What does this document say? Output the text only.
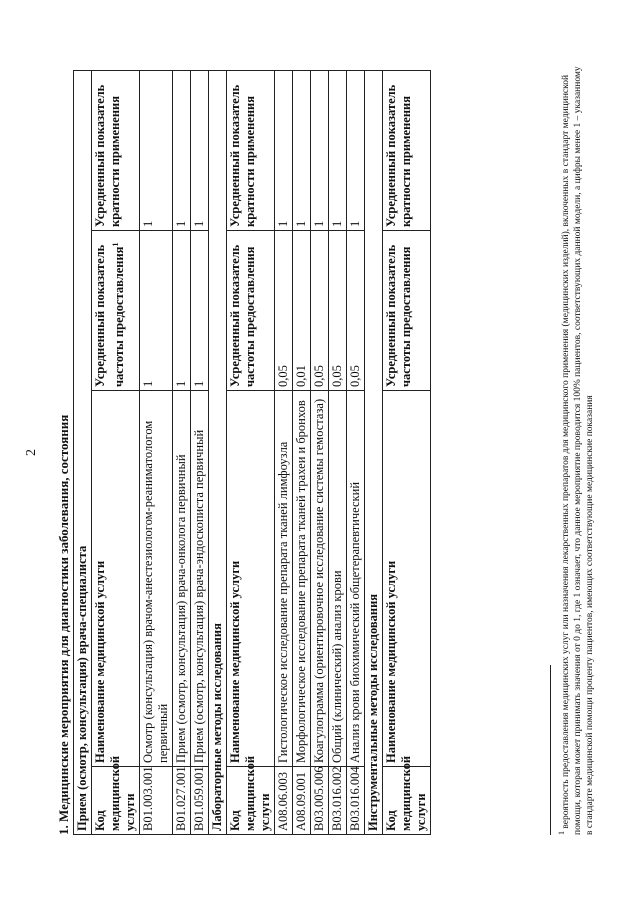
2 1. Медицинские мероприятия для диагностики заболевания, состояния Прием (осмотр, консультация) врача-специалиста			
Код медицинской услуги	Наименование медицинской услуги	Усредненный показатель частоты предоставления$^1$	Усредненный показатель кратности применения
B01.003.001	Осмотр (консультация) врачом-анестезиологом-реаниматологом первичный	1	1
B01.027.001	Прием (осмотр, консультация) врача-онколога первичный	1	1
B01.059.001	Прием (осмотр, консультация) врача-эндоскописта первичный	1	1
Лабораторные методы исследования			
Код медицинской услуги	Наименование медицинской услуги	Усредненный показатель частоты предоставления	Усредненный показатель кратности применения
A08.06.003	Гистологическое исследование препарата тканей лимфоузла	0,05	1
A08.09.001	Морфологическое исследование препарата тканей трахеи и бронхов	0,01	1
B03.005.006	Коагулограмма (ориентировочное исследование системы гемостаза)	0,05	1
B03.016.002	Общий (клинический) анализ крови	0,05	1
B03.016.004	Анализ крови биохимический общетерапевтический	0,05	1
Инструментальные методы исследования			
Код медицинской услуги	Наименование медицинской услуги	Усредненный показатель частоты предоставления	Усредненный показатель кратности применения
$^1$ вероятность предоставления медицинских услуг или назначения лекарственных препаратов для медицинского применения (медицинских изделий), включенных в стандарт медицинской помощи, которая может принимать значения от 0 до 1, где 1 означает, что данное мероприятие проводится 100% пациентов, соответствующих данной модели, а цифры менее 1 – указанному в стандарте медицинской помощи проценту пациентов, имеющих соответствующие медицинские показания
